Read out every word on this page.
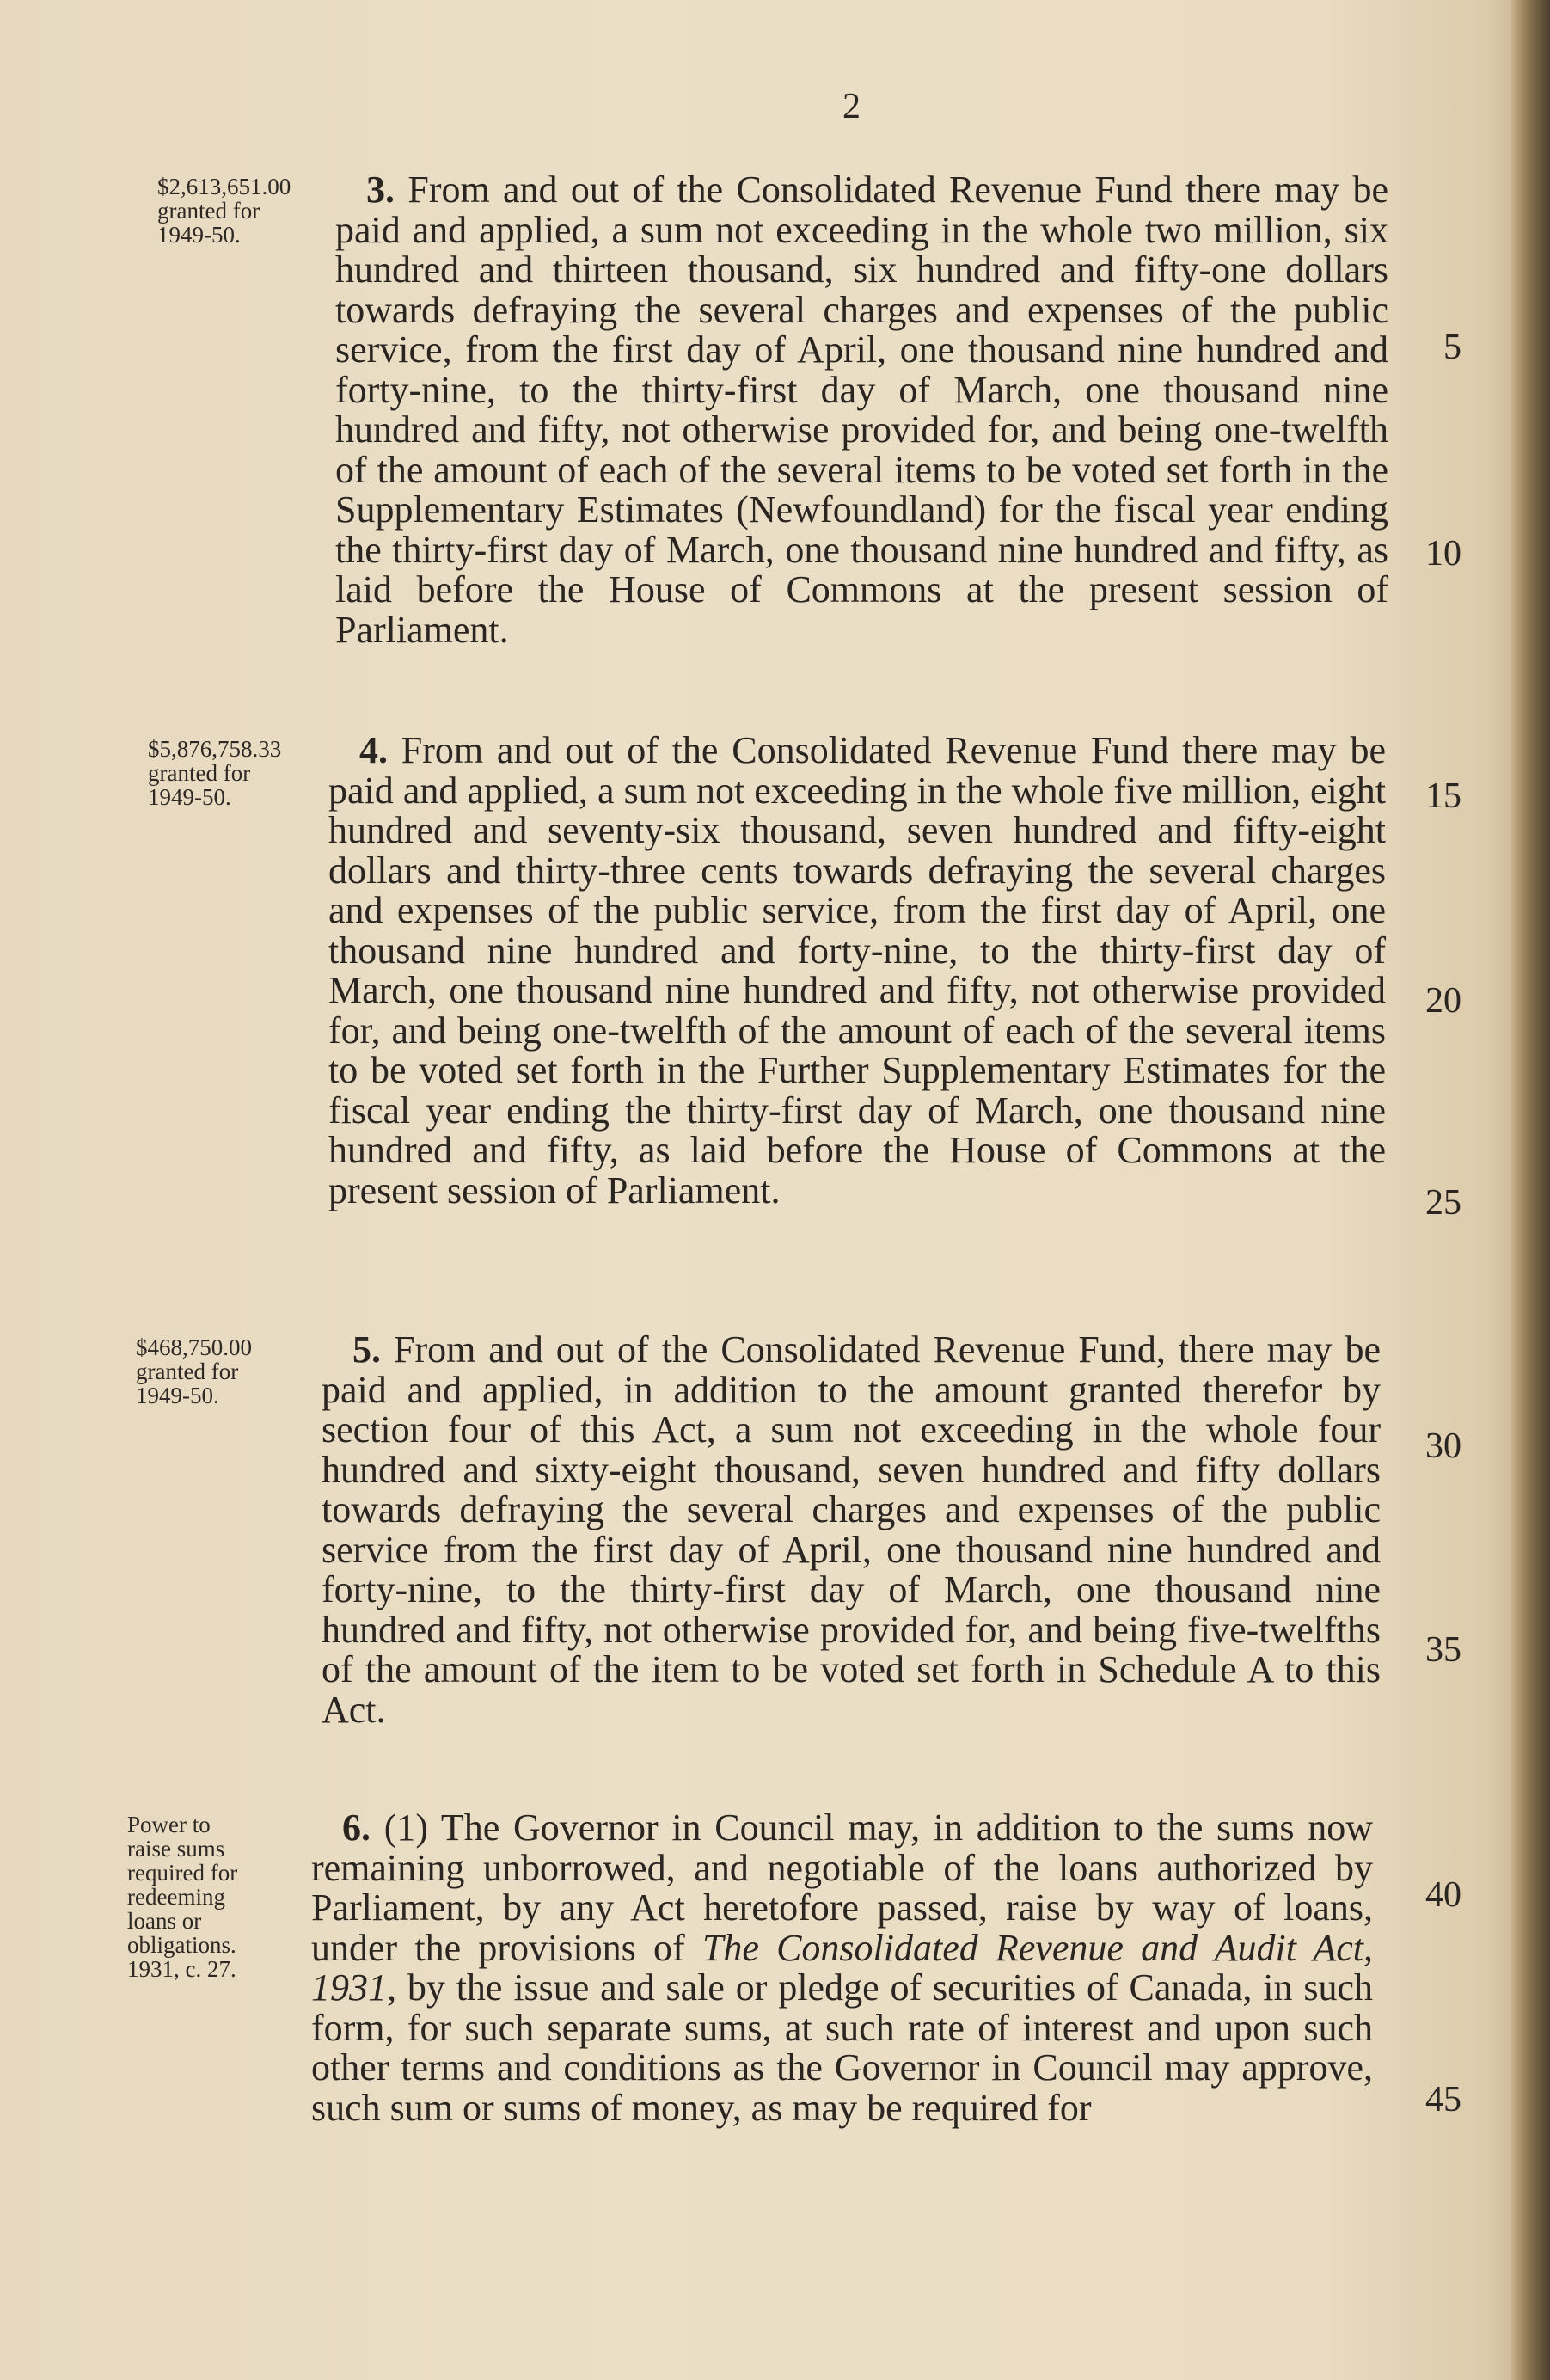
2
$2,613,651.00
granted for
1949-50.
$5,876,758.33
granted for
1949-50.
$468,750.00
granted for
1949-50.
Power to
raise sums
required for
redeeming
loans or
obligations.
1931, c. 27.

3. From and out of the Consolidated Revenue Fund there may be paid and applied, a sum not exceeding in the whole two million, six hundred and thirteen thousand, six hundred and fifty-one dollars towards defraying the several charges and expenses of the public service, from the first day of April, one thousand nine hundred and forty-nine, to the thirty-first day of March, one thousand nine hundred and fifty, not otherwise provided for, and being one-twelfth of the amount of each of the several items to be voted set forth in the Supplementary Estimates (Newfoundland) for the fiscal year ending the thirty-first day of March, one thousand nine hundred and fifty, as laid before the House of Commons at the present session of Parliament.

4. From and out of the Consolidated Revenue Fund there may be paid and applied, a sum not exceeding in the whole five million, eight hundred and seventy-six thousand, seven hundred and fifty-eight dollars and thirty-three cents towards defraying the several charges and expenses of the public service, from the first day of April, one thousand nine hundred and forty-nine, to the thirty-first day of March, one thousand nine hundred and fifty, not otherwise provided for, and being one-twelfth of the amount of each of the several items to be voted set forth in the Further Supplementary Estimates for the fiscal year ending the thirty-first day of March, one thousand nine hundred and fifty, as laid before the House of Commons at the present session of Parliament.

5. From and out of the Consolidated Revenue Fund, there may be paid and applied, in addition to the amount granted therefor by section four of this Act, a sum not exceeding in the whole four hundred and sixty-eight thousand, seven hundred and fifty dollars towards defraying the several charges and expenses of the public service from the first day of April, one thousand nine hundred and forty-nine, to the thirty-first day of March, one thousand nine hundred and fifty, not otherwise provided for, and being five-twelfths of the amount of the item to be voted set forth in Schedule A to this Act.

6. (1) The Governor in Council may, in addition to the sums now remaining unborrowed, and negotiable of the loans authorized by Parliament, by any Act heretofore passed, raise by way of loans, under the provisions of The Consolidated Revenue and Audit Act, 1931, by the issue and sale or pledge of securities of Canada, in such form, for such separate sums, at such rate of interest and upon such other terms and conditions as the Governor in Council may approve, such sum or sums of money, as may be required for

5
10
15
20
25
30
35
40
45
